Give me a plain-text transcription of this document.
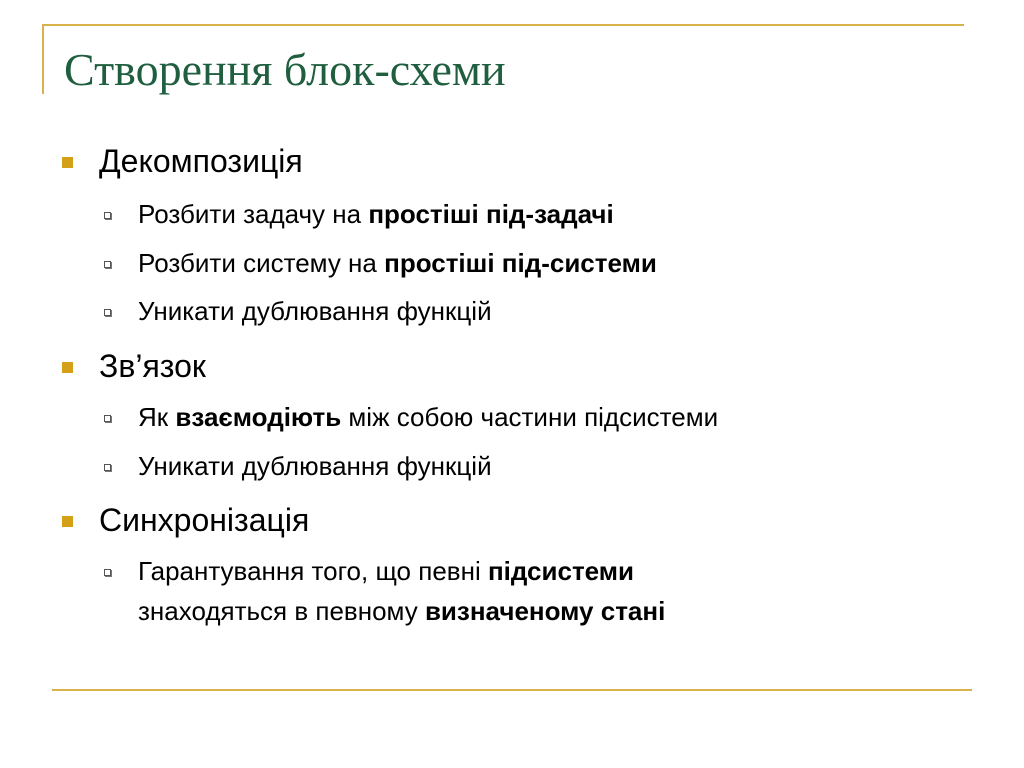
Створення блок-схеми
Декомпозиція
Розбити задачу на простіші під-задачі
Розбити систему на простіші під-системи
Уникати дублювання функцій
Зв’язок
Як взаємодіють між собою частини підсистеми
Уникати дублювання функцій
Синхронізація
Гарантування того, що певні підсистеми
знаходяться в певному визначеному стані
